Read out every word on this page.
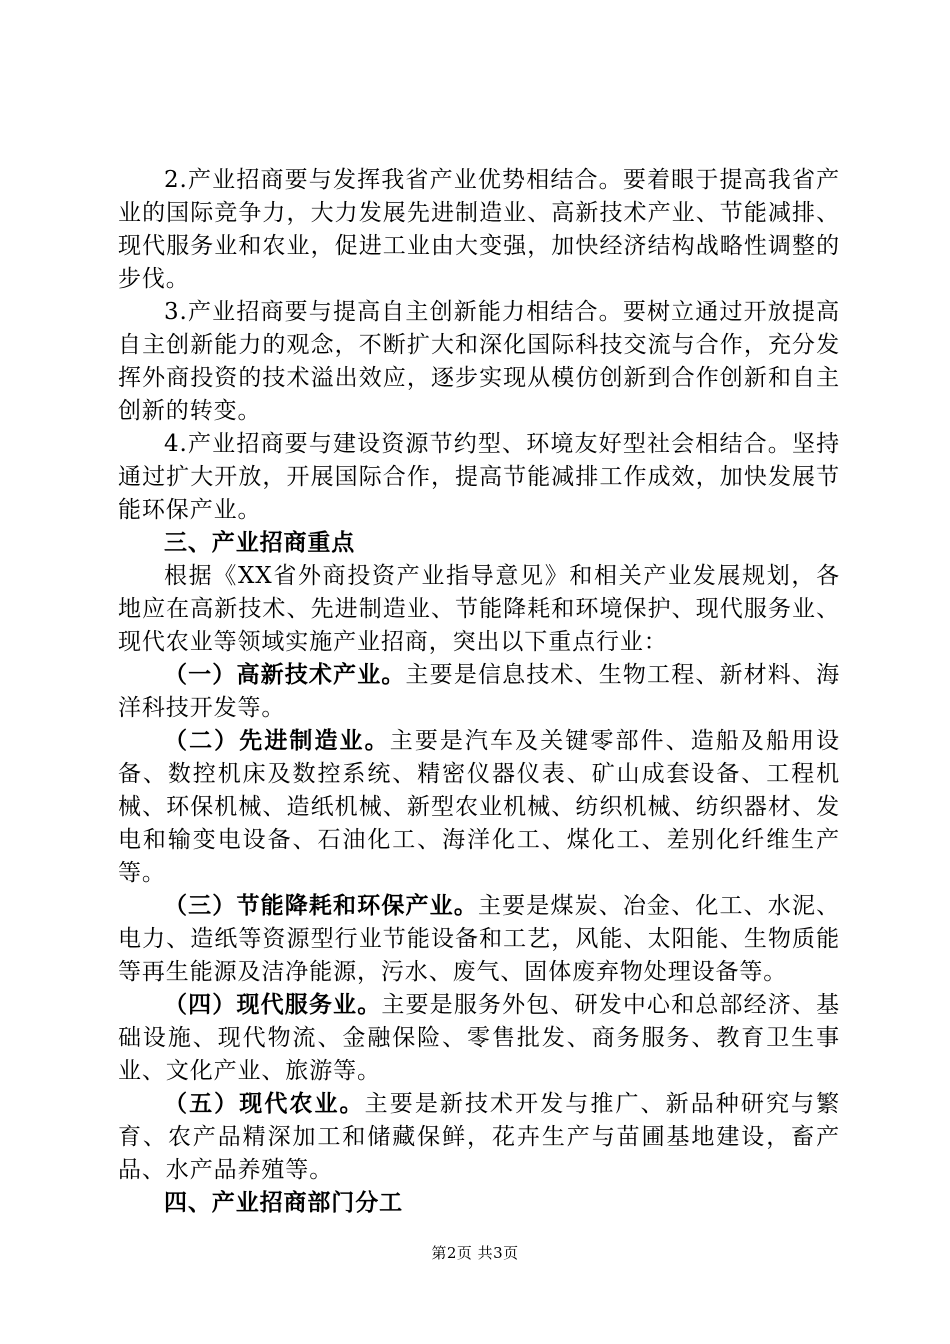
2.产业招商要与发挥我省产业优势相结合。要着眼于提高我省产业的国际竞争力，大力发展先进制造业、高新技术产业、节能减排、现代服务业和农业，促进工业由大变强，加快经济结构战略性调整的步伐。

3.产业招商要与提高自主创新能力相结合。要树立通过开放提高自主创新能力的观念，不断扩大和深化国际科技交流与合作，充分发挥外商投资的技术溢出效应，逐步实现从模仿创新到合作创新和自主创新的转变。

4.产业招商要与建设资源节约型、环境友好型社会相结合。坚持通过扩大开放，开展国际合作，提高节能减排工作成效，加快发展节能环保产业。

三、产业招商重点

根据《XX省外商投资产业指导意见》和相关产业发展规划，各地应在高新技术、先进制造业、节能降耗和环境保护、现代服务业、现代农业等领域实施产业招商，突出以下重点行业：

（一）高新技术产业。主要是信息技术、生物工程、新材料、海洋科技开发等。

（二）先进制造业。主要是汽车及关键零部件、造船及船用设备、数控机床及数控系统、精密仪器仪表、矿山成套设备、工程机械、环保机械、造纸机械、新型农业机械、纺织机械、纺织器材、发电和输变电设备、石油化工、海洋化工、煤化工、差别化纤维生产等。

（三）节能降耗和环保产业。主要是煤炭、冶金、化工、水泥、电力、造纸等资源型行业节能设备和工艺，风能、太阳能、生物质能等再生能源及洁净能源，污水、废气、固体废弃物处理设备等。

（四）现代服务业。主要是服务外包、研发中心和总部经济、基础设施、现代物流、金融保险、零售批发、商务服务、教育卫生事业、文化产业、旅游等。

（五）现代农业。主要是新技术开发与推广、新品种研究与繁育、农产品精深加工和储藏保鲜，花卉生产与苗圃基地建设，畜产品、水产品养殖等。

四、产业招商部门分工

第2页 共3页
